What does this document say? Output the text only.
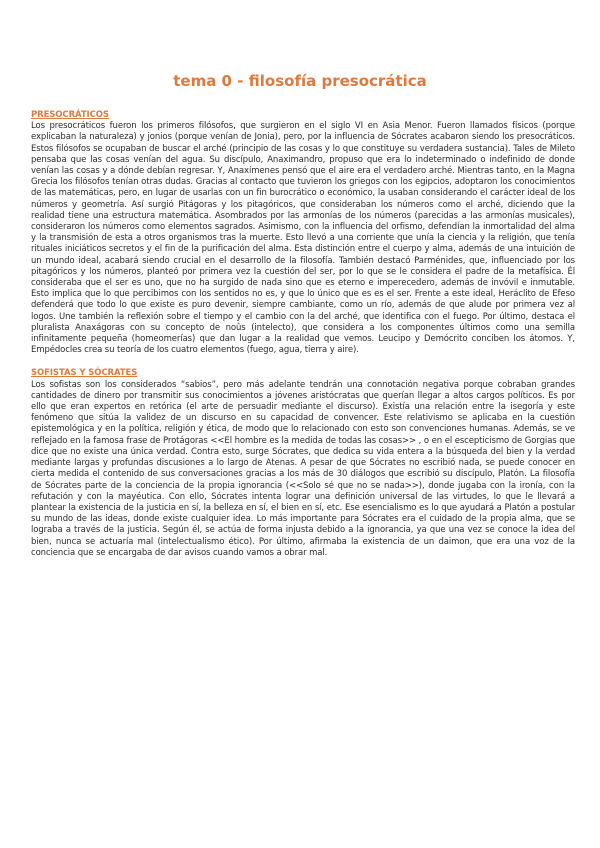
tema 0 - filosofía presocrática

PRESOCRÁTICOS

Los presocráticos fueron los primeros filósofos, que surgieron en el siglo VI en Asia Menor. Fueron llamados físicos (porque explicaban la naturaleza) y jonios (porque venían de Jonia), pero, por la influencia de Sócrates acabaron siendo los presocráticos. Estos filósofos se ocupaban de buscar el arché (principio de las cosas y lo que constituye su verdadera sustancia). Tales de Mileto pensaba que las cosas venían del agua. Su discípulo, Anaximandro, propuso que era lo indeterminado o indefinido de donde venían las cosas y a dónde debían regresar. Y, Anaxímenes pensó que el aire era el verdadero arché. Mientras tanto, en la Magna Grecia los filósofos tenían otras dudas. Gracias al contacto que tuvieron los griegos con los egipcios, adoptaron los conocimientos de las matemáticas, pero, en lugar de usarlas con un fin burocrático o económico, la usaban considerando el carácter ideal de los números y geometría. Así surgió Pitágoras y los pitagóricos, que consideraban los números como el arché, diciendo que la realidad tiene una estructura matemática. Asombrados por las armonías de los números (parecidas a las armonías musicales), consideraron los números como elementos sagrados. Asimismo, con la influencia del orfismo, defendían la inmortalidad del alma y la transmisión de esta a otros organismos tras la muerte. Esto llevó a una corriente que unía la ciencia y la religión, que tenía rituales iniciáticos secretos y el fin de la purificación del alma. Esta distinción entre el cuerpo y alma, además de una intuición de un mundo ideal, acabará siendo crucial en el desarrollo de la filosofía. También destacó Parménides, que, influenciado por los pitagóricos y los números, planteó por primera vez la cuestión del ser, por lo que se le considera el padre de la metafísica. Él consideraba que el ser es uno, que no ha surgido de nada sino que es eterno e imperecedero, además de invóvil e inmutable. Esto implica que lo que percibimos con los sentidos no es, y que lo único que es es el ser. Frente a este ideal, Heráclito de Efeso defenderá que todo lo que existe es puro devenir, siempre cambiante, como un río, además de que alude por primera vez al logos. Une también la reflexión sobre el tiempo y el cambio con la del arché, que identifica con el fuego. Por último, destaca el pluralista Anaxágoras con su concepto de noûs (intelecto), que considera a los componentes últimos como una semilla infinitamente pequeña (homeomerías) que dan lugar a la realidad que vemos. Leucipo y Demócrito conciben los átomos. Y, Empédocles crea su teoría de los cuatro elementos (fuego, agua, tierra y aire).

SOFISTAS Y SÓCRATES

Los sofistas son los considerados “sabios”, pero más adelante tendrán una connotación negativa porque cobraban grandes cantidades de dinero por transmitir sus conocimientos a jóvenes aristócratas que querían llegar a altos cargos políticos. Es por ello que eran expertos en retórica (el arte de persuadir mediante el discurso). Existía una relación entre la isegoría y este fenómeno que sitúa la validez de un discurso en su capacidad de convencer. Este relativismo se aplicaba en la cuestión epistemológica y en la política, religión y ética, de modo que lo relacionado con esto son convenciones humanas. Además, se ve reflejado en la famosa frase de Protágoras <<El hombre es la medida de todas las cosas>> , o en el escepticismo de Gorgias que dice que no existe una única verdad. Contra esto, surge Sócrates, que dedica su vida entera a la búsqueda del bien y la verdad mediante largas y profundas discusiones a lo largo de Atenas. A pesar de que Sócrates no escribió nada, se puede conocer en cierta medida el contenido de sus conversaciones gracias a los más de 30 diálogos que escribió su discípulo, Platón. La filosofía de Sócrates parte de la conciencia de la propia ignorancia (<<Solo sé que no se nada>>), donde jugaba con la ironía, con la refutación y con la mayéutica. Con ello, Sócrates intenta lograr una definición universal de las virtudes, lo que le llevará a plantear la existencia de la justicia en sí, la belleza en sí, el bien en sí, etc. Ese esencialismo es lo que ayudará a Platón a postular su mundo de las ideas, donde existe cualquier idea. Lo más importante para Sócrates era el cuidado de la propia alma, que se lograba a través de la justicia. Según él, se actúa de forma injusta debido a la ignorancia, ya que una vez se conoce la idea del bien, nunca se actuaría mal (intelectualismo ético). Por último, afirmaba la existencia de un daimon, que era una voz de la conciencia que se encargaba de dar avisos cuando vamos a obrar mal.
